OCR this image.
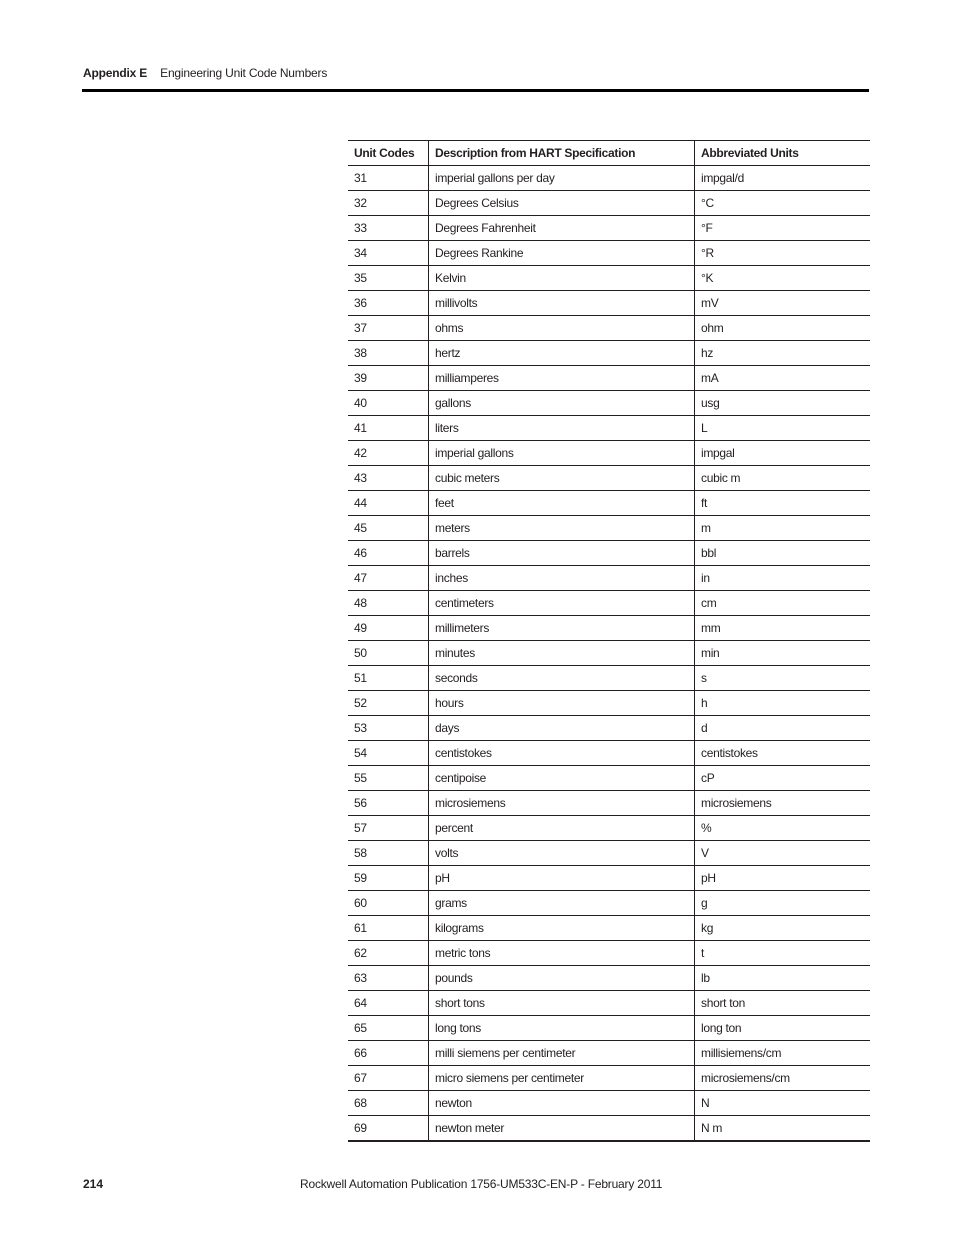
Appendix E Engineering Unit Code Numbers
Unit Codes	Description from HART Specification	Abbreviated Units
31	imperial gallons per day	impgal/d
32	Degrees Celsius	°C
33	Degrees Fahrenheit	°F
34	Degrees Rankine	°R
35	Kelvin	°K
36	millivolts	mV
37	ohms	ohm
38	hertz	hz
39	milliamperes	mA
40	gallons	usg
41	liters	L
42	imperial gallons	impgal
43	cubic meters	cubic m
44	feet	ft
45	meters	m
46	barrels	bbl
47	inches	in
48	centimeters	cm
49	millimeters	mm
50	minutes	min
51	seconds	s
52	hours	h
53	days	d
54	centistokes	centistokes
55	centipoise	cP
56	microsiemens	microsiemens
57	percent	%
58	volts	V
59	pH	pH
60	grams	g
61	kilograms	kg
62	metric tons	t
63	pounds	lb
64	short tons	short ton
65	long tons	long ton
66	milli siemens per centimeter	millisiemens/cm
67	micro siemens per centimeter	microsiemens/cm
68	newton	N
69	newton meter	N m
214	Rockwell Automation Publication 1756-UM533C-EN-P - February 2011
